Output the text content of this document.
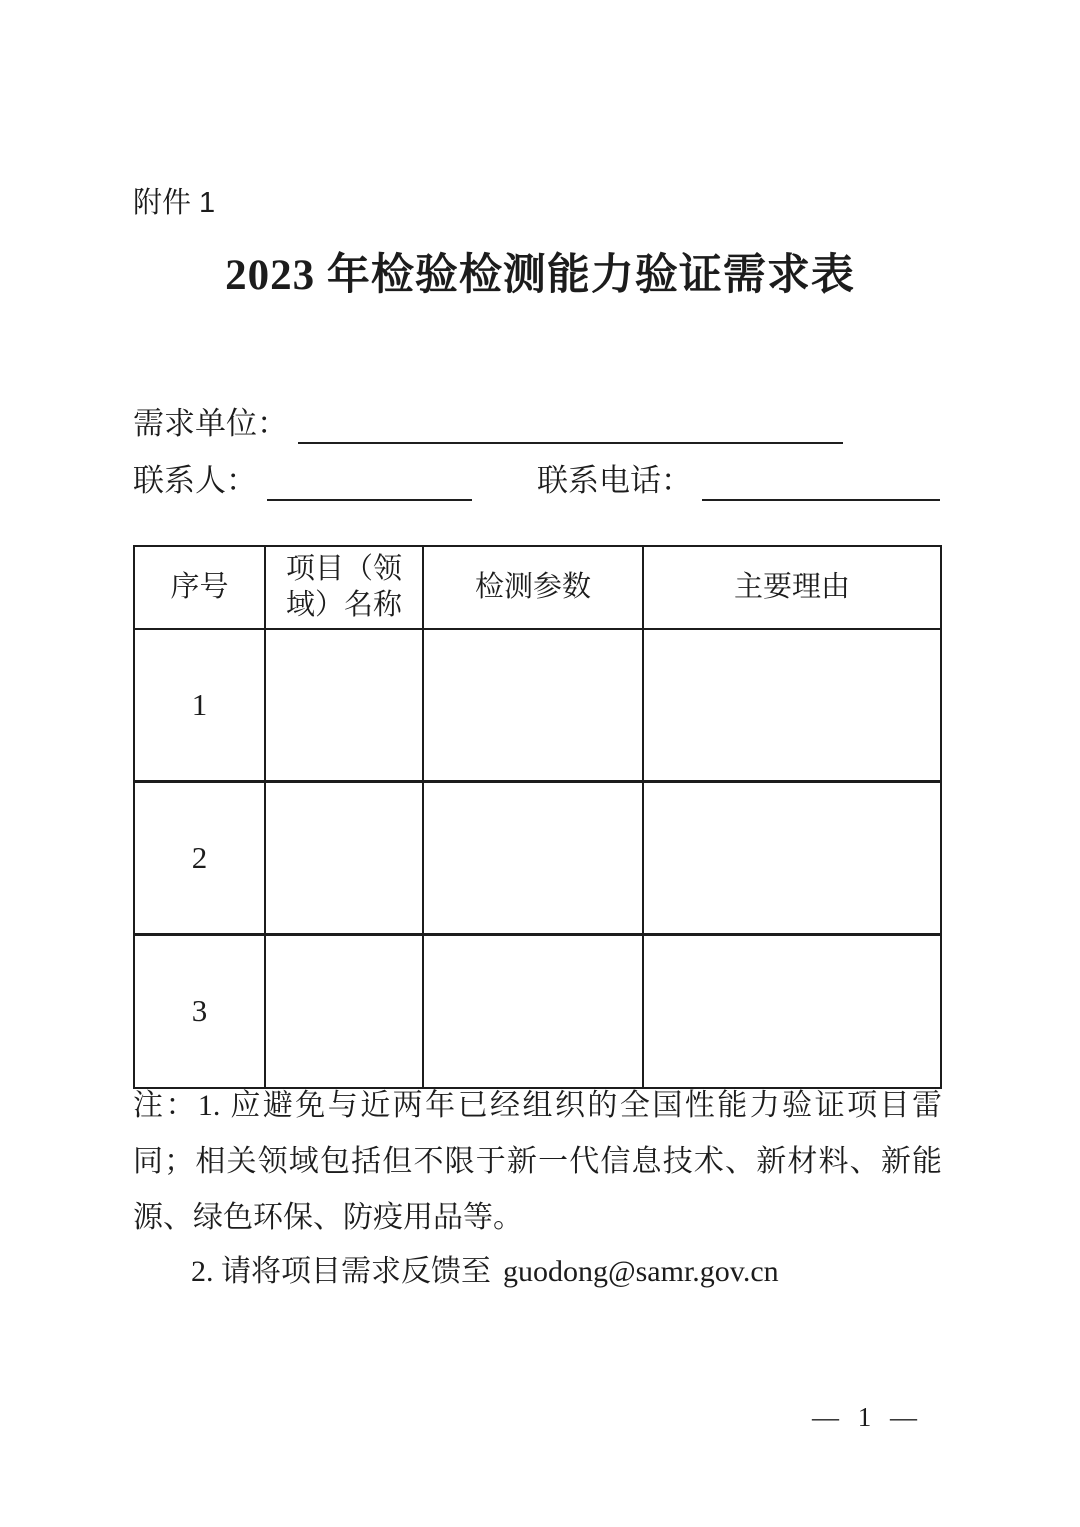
附件 1
2023 年检验检测能力验证需求表
需求单位：
联系人：	联系电话：
序号	项目（领域）名称	检测参数	主要理由
1			
2			
3			

注：1. 应避免与近两年已经组织的全国性能力验证项目雷同；相关领域包括但不限于新一代信息技术、新材料、新能源、绿色环保、防疫用品等。

2. 请将项目需求反馈至 guodong@samr.gov.cn

— 1 —
